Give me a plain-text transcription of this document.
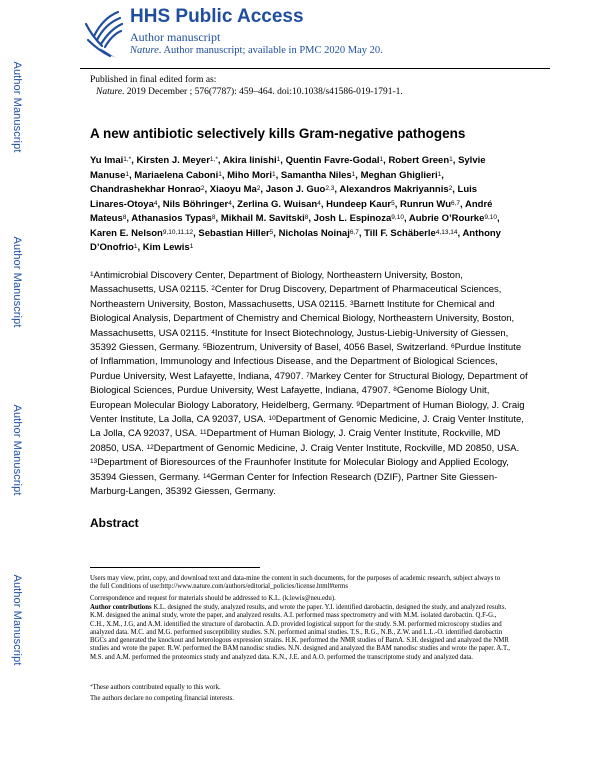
Author Manuscript
Author Manuscript
Author Manuscript
Author Manuscript
HHS Public Access
Author manuscript
Nature. Author manuscript; available in PMC 2020 May 20.
Published in final edited form as:
Nature. 2019 December ; 576(7787): 459–464. doi:10.1038/s41586-019-1791-1.
A new antibiotic selectively kills Gram-negative pathogens
Yu Imai$^{1,*}$, Kirsten J. Meyer$^{1,*}$, Akira Iinishi$^1$, Quentin Favre-Godal$^1$, Robert Green$^1$, Sylvie Manuse$^1$, Mariaelena Caboni$^1$, Miho Mori$^1$, Samantha Niles$^1$, Meghan Ghiglieri$^1$, Chandrashekhar Honrao$^2$, Xiaoyu Ma$^2$, Jason J. Guo$^{2,3}$, Alexandros Makriyannis$^2$, Luis Linares-Otoya$^4$, Nils Böhringer$^4$, Zerlina G. Wuisan$^4$, Hundeep Kaur$^5$, Runrun Wu$^{6,7}$, André Mateus$^8$, Athanasios Typas$^8$, Mikhail M. Savitski$^8$, Josh L. Espinoza$^{9,10}$, Aubrie O’Rourke$^{9,10}$, Karen E. Nelson$^{9,10,11,12}$, Sebastian Hiller$^5$, Nicholas Noinaj$^{6,7}$, Till F. Schäberle$^{4,13,14}$, Anthony D’Onofrio$^1$, Kim Lewis$^1$
$^1$Antimicrobial Discovery Center, Department of Biology, Northeastern University, Boston, Massachusetts, USA 02115. $^2$Center for Drug Discovery, Department of Pharmaceutical Sciences, Northeastern University, Boston, Massachusetts, USA 02115. $^3$Barnett Institute for Chemical and Biological Analysis, Department of Chemistry and Chemical Biology, Northeastern University, Boston, Massachusetts, USA 02115. $^4$Institute for Insect Biotechnology, Justus-Liebig-University of Giessen, 35392 Giessen, Germany. $^5$Biozentrum, University of Basel, 4056 Basel, Switzerland. $^6$Purdue Institute of Inflammation, Immunology and Infectious Disease, and the Department of Biological Sciences, Purdue University, West Lafayette, Indiana, 47907. $^7$Markey Center for Structural Biology, Department of Biological Sciences, Purdue University, West Lafayette, Indiana, 47907. $^8$Genome Biology Unit, European Molecular Biology Laboratory, Heidelberg, Germany. $^9$Department of Human Biology, J. Craig Venter Institute, La Jolla, CA 92037, USA. $^{10}$Department of Genomic Medicine, J. Craig Venter Institute, La Jolla, CA 92037, USA. $^{11}$Department of Human Biology, J. Craig Venter Institute, Rockville, MD 20850, USA. $^{12}$Department of Genomic Medicine, J. Craig Venter Institute, Rockville, MD 20850, USA. $^{13}$Department of Bioresources of the Fraunhofer Institute for Molecular Biology and Applied Ecology, 35394 Giessen, Germany. $^{14}$German Center for Infection Research (DZIF), Partner Site Giessen-Marburg-Langen, 35392 Giessen, Germany.
Abstract
Users may view, print, copy, and download text and data-mine the content in such documents, for the purposes of academic research, subject always to the full Conditions of use:http://www.nature.com/authors/editorial_policies/license.html#terms
Correspondence and request for materials should be addressed to K.L. (k.lewis@neu.edu).
Author contributions K.L. designed the study, analyzed results, and wrote the paper. Y.I. identified darobactin, designed the study, and analyzed results. K.M. designed the animal study, wrote the paper, and analyzed results. A.I. performed mass spectrometry and with M.M. isolated darobactin. Q.F-G., C.H., X.M., J.G, and A.M. identified the structure of darobactin. A.D. provided logistical support for the study. S.M. performed microscopy studies and analyzed data. M.C. and M.G. performed susceptibility studies. S.N. performed animal studies. T.S., R.G., N.B., Z.W. and L.L.-O. identified darobactin BGCs and generated the knockout and heterologous expression strains. H.K. performed the NMR studies of BamA. S.H. designed and analyzed the NMR studies and wrote the paper. R.W. performed the BAM nanodisc studies. N.N. designed and analyzed the BAM nanodisc studies and wrote the paper. A.T., M.S. and A.M. performed the proteomics study and analyzed data. K.N., J.E. and A.O. performed the transcriptome study and analyzed data.
*These authors contributed equally to this work.
The authors declare no competing financial interests.
